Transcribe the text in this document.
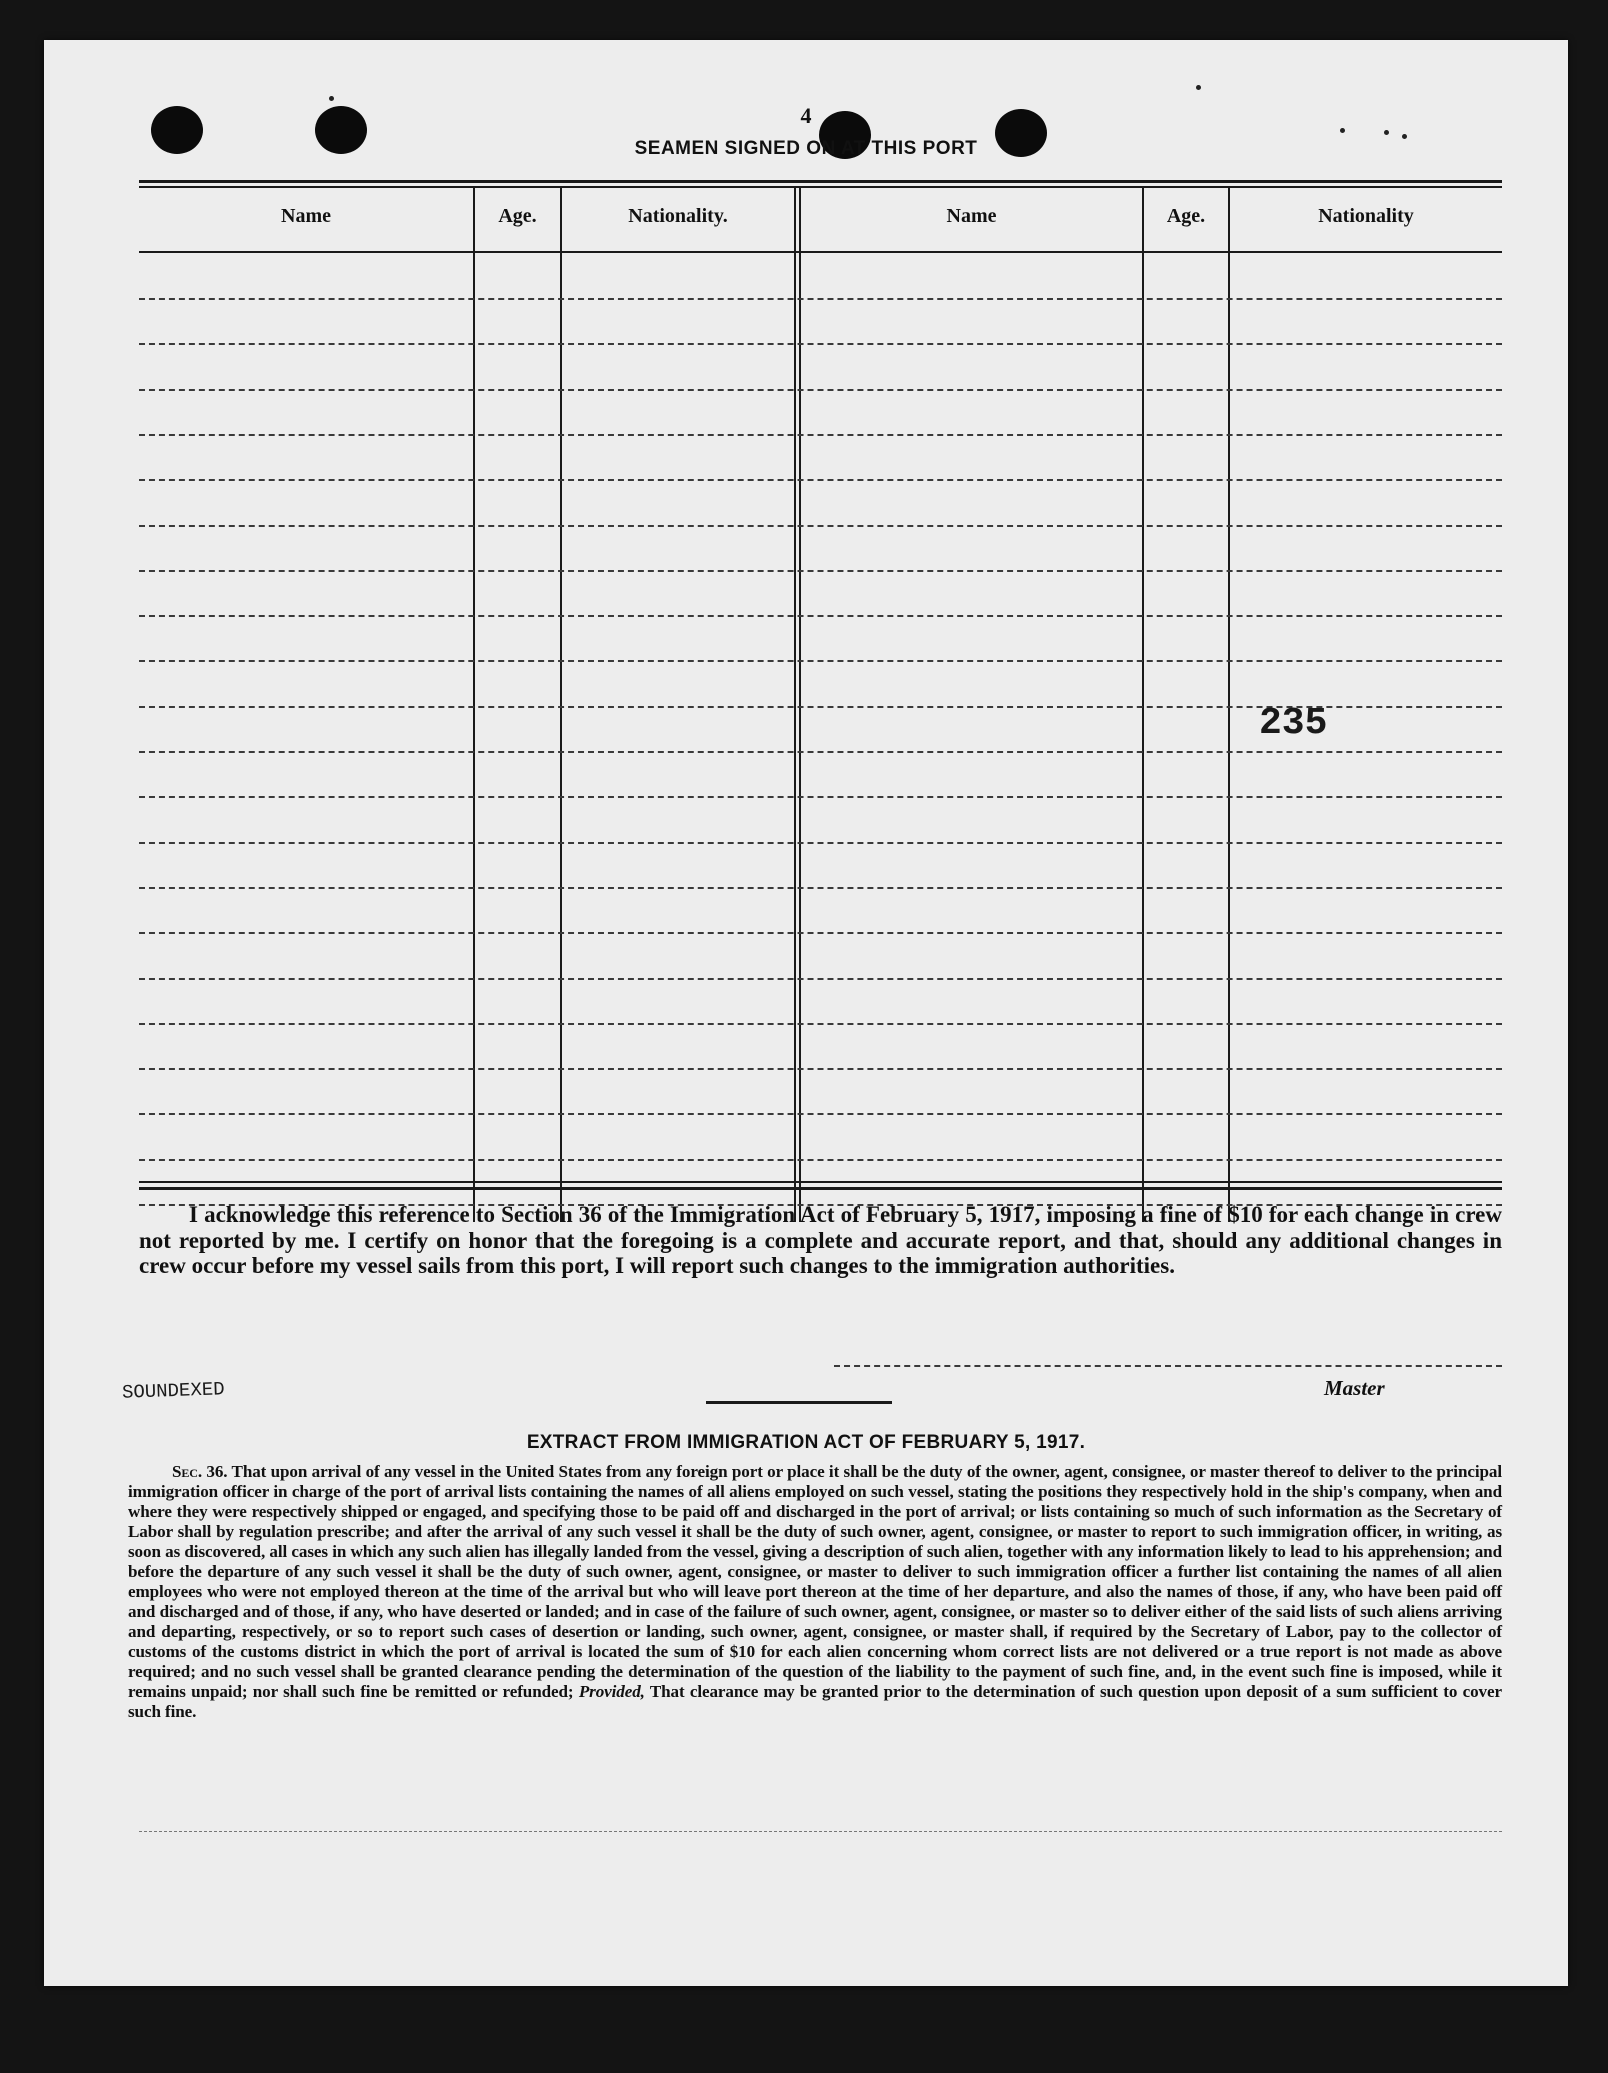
4
SEAMEN SIGNED ON AT THIS PORT
Name	Age.	Nationality.	Name	Age.	Nationality
235
I acknowledge this reference to Section 36 of the Immigration Act of February 5, 1917, imposing a fine of $10 for each change in crew not reported by me. I certify on honor that the foregoing is a complete and accurate report, and that, should any additional changes in crew occur before my vessel sails from this port, I will report such changes to the immigration authorities.
Master
SOUNDEXED
EXTRACT FROM IMMIGRATION ACT OF FEBRUARY 5, 1917.
Sec. 36. That upon arrival of any vessel in the United States from any foreign port or place it shall be the duty of the owner, agent, consignee, or master thereof to deliver to the principal immigration officer in charge of the port of arrival lists containing the names of all aliens employed on such vessel, stating the positions they respectively hold in the ship's company, when and where they were respectively shipped or engaged, and specifying those to be paid off and discharged in the port of arrival; or lists containing so much of such information as the Secretary of Labor shall by regulation prescribe; and after the arrival of any such vessel it shall be the duty of such owner, agent, consignee, or master to report to such immigration officer, in writing, as soon as discovered, all cases in which any such alien has illegally landed from the vessel, giving a description of such alien, together with any information likely to lead to his apprehension; and before the departure of any such vessel it shall be the duty of such owner, agent, consignee, or master to deliver to such immigration officer a further list containing the names of all alien employees who were not employed thereon at the time of the arrival but who will leave port thereon at the time of her departure, and also the names of those, if any, who have been paid off and discharged and of those, if any, who have deserted or landed; and in case of the failure of such owner, agent, consignee, or master so to deliver either of the said lists of such aliens arriving and departing, respectively, or so to report such cases of desertion or landing, such owner, agent, consignee, or master shall, if required by the Secretary of Labor, pay to the collector of customs of the customs district in which the port of arrival is located the sum of $10 for each alien concerning whom correct lists are not delivered or a true report is not made as above required; and no such vessel shall be granted clearance pending the determination of the question of the liability to the payment of such fine, and, in the event such fine is imposed, while it remains unpaid; nor shall such fine be remitted or refunded; Provided, That clearance may be granted prior to the determination of such question upon deposit of a sum sufficient to cover such fine.
